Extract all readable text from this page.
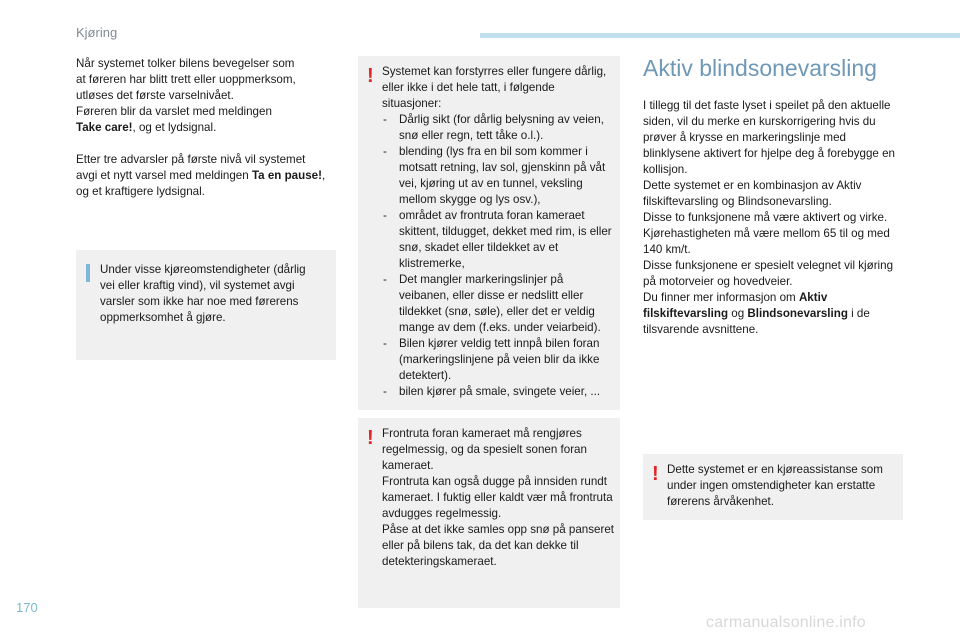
Kjøring

Når systemet tolker bilens bevegelser som
at føreren har blitt trett eller uoppmerksom,
utløses det første varselnivået.
Føreren blir da varslet med meldingen
Take care!, og et lydsignal.

Etter tre advarsler på første nivå vil systemet avgi et nytt varsel med meldingen Ta en pause!, og et kraftigere lydsignal.

Under visse kjøreomstendigheter (dårlig vei eller kraftig vind), vil systemet avgi varsler som ikke har noe med førerens oppmerksomhet å gjøre.

! Systemet kan forstyrres eller fungere dårlig, eller ikke i det hele tatt, i følgende situasjoner:

- Dårlig sikt (for dårlig belysning av veien, snø eller regn, tett tåke o.l.).
- blending (lys fra en bil som kommer i motsatt retning, lav sol, gjenskinn på våt vei, kjøring ut av en tunnel, veksling mellom skygge og lys osv.),
- området av frontruta foran kameraet skittent, tildugget, dekket med rim, is eller snø, skadet eller tildekket av et klistremerke,
- Det mangler markeringslinjer på veibanen, eller disse er nedslitt eller tildekket (snø, søle), eller det er veldig mange av dem (f.eks. under veiarbeid).
- Bilen kjører veldig tett innpå bilen foran (markeringslinjene på veien blir da ikke detektert).
- bilen kjører på smale, svingete veier, ...
! Frontruta foran kameraet må rengjøres regelmessig, og da spesielt sonen foran kameraet.

Frontruta kan også dugge på innsiden rundt kameraet. I fuktig eller kaldt vær må frontruta avdugges regelmessig.

Påse at det ikke samles opp snø på panseret eller på bilens tak, da det kan dekke til detekteringskameraet.

Aktiv blindsonevarsling

I tillegg til det faste lyset i speilet på den aktuelle siden, vil du merke en kurskorrigering hvis du prøver å krysse en markeringslinje med blinklysene aktivert for hjelpe deg å forebygge en kollisjon.

Dette systemet er en kombinasjon av Aktiv filskiftevarsling og Blindsonevarsling.

Disse to funksjonene må være aktivert og virke.

Kjørehastigheten må være mellom 65 til og med 140 km/t.

Disse funksjonene er spesielt velegnet vil kjøring på motorveier og hovedveier.

Du finner mer informasjon om Aktiv filskiftevarsling og Blindsonevarsling i de tilsvarende avsnittene.

! Dette systemet er en kjøreassistanse som under ingen omstendigheter kan erstatte førerens årvåkenhet.

170
carmanualsonline.info
